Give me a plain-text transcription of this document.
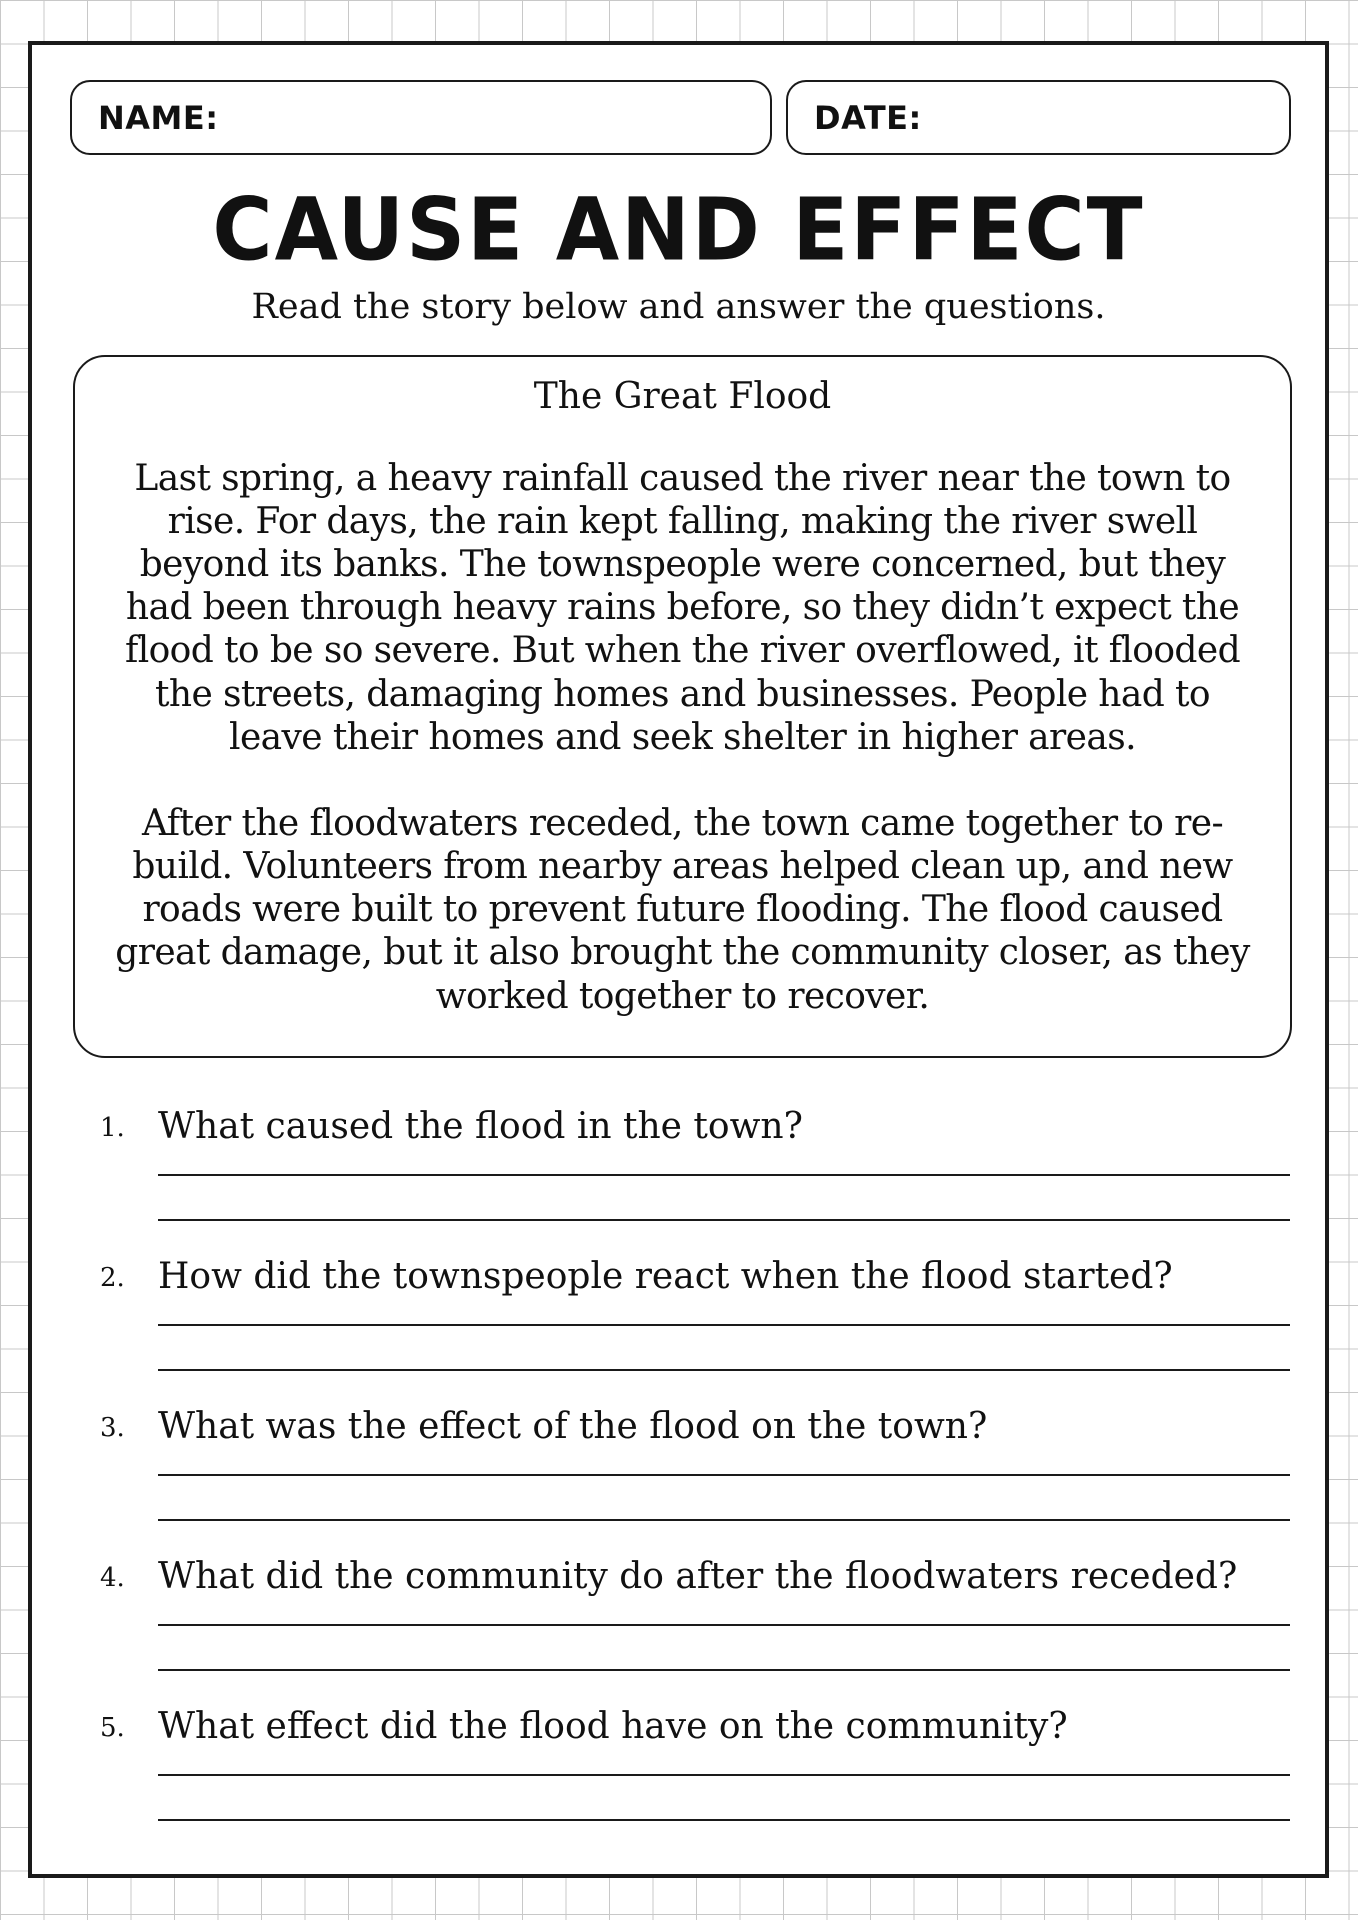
NAME:	DATE:
CAUSE AND EFFECT
Read the story below and answer the questions.

The Great Flood

Last spring, a heavy rainfall caused the river near the town to rise. For days, the rain kept falling, making the river swell beyond its banks. The townspeople were concerned, but they had been through heavy rains before, so they didn’t expect the flood to be so severe. But when the river overflowed, it flooded the streets, damaging homes and businesses. People had to leave their homes and seek shelter in higher areas.

After the floodwaters receded, the town came together to re-build. Volunteers from nearby areas helped clean up, and new roads were built to prevent future flooding. The flood caused great damage, but it also brought the community closer, as they worked together to recover.

1. What caused the flood in the town?
2. How did the townspeople react when the flood started?
3. What was the effect of the flood on the town?
4. What did the community do after the floodwaters receded?
5. What effect did the flood have on the community?
